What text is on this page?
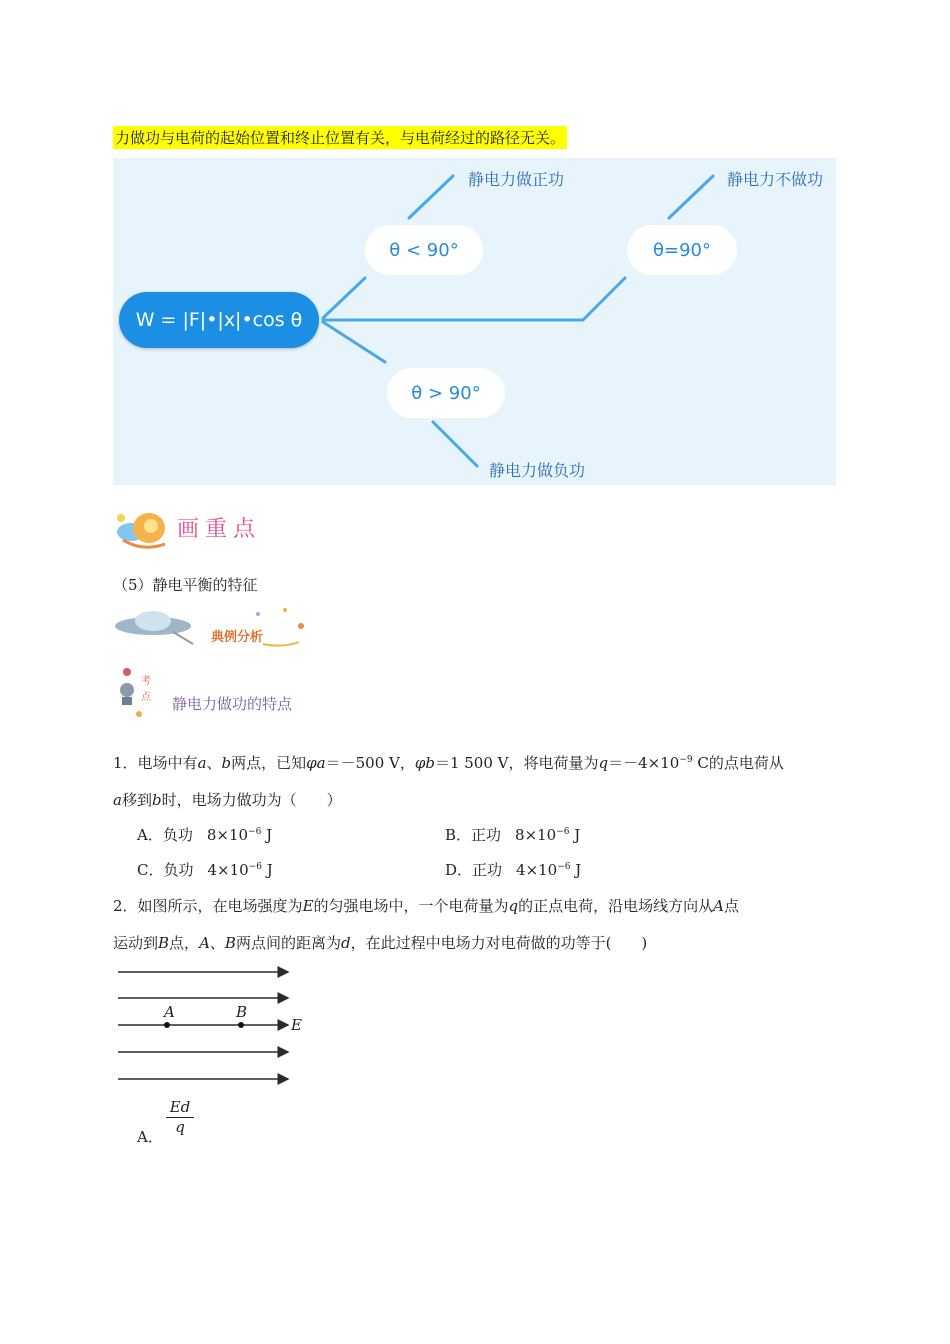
力做功与电荷的起始位置和终止位置有关，与电荷经过的路径无关。
W = |F|•|x|•cos θ
θ < 90°	θ=90°
θ > 90°
静电力做正功	静电力不做功
静电力做负功
画重点
（5）静电平衡的特征
典例分析
考
点 静电力做功的特点
1．电场中有a、b两点，已知φa＝－500 V，φb＝1 500 V，将电荷量为$q=-4\times 10^{-9}$ C的点电荷从
a移到b时，电场力做功为（　　）
A．负功 $8\times 10^{-6}$ J	B．正功 $8\times 10^{-6}$ J
C．负功 $4\times 10^{-6}$ J	D．正功 $4\times 10^{-6}$ J
2．如图所示，在电场强度为E的匀强电场中，一个电荷量为q的正点电荷，沿电场线方向从A点
运动到B点，A、B两点间的距离为d，在此过程中电场力对电荷做的功等于(　　)
A	B
E
A．
$\frac{Ed}{q}$
